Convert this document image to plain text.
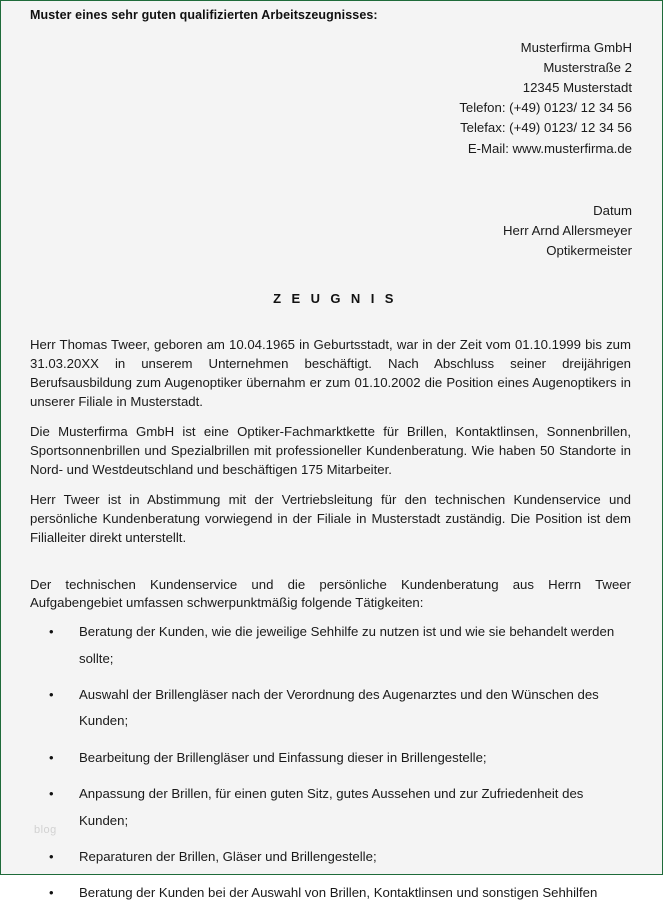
Muster eines sehr guten qualifizierten Arbeitszeugnisses:
Musterfirma GmbH
Musterstraße 2
12345 Musterstadt
Telefon: (+49) 0123/ 12 34 56
Telefax: (+49) 0123/ 12 34 56
E-Mail: www.musterfirma.de
Datum
Herr Arnd Allersmeyer
Optikermeister
Z E U G N I S

Herr Thomas Tweer, geboren am 10.04.1965 in Geburtsstadt, war in der Zeit vom 01.10.1999 bis zum 31.03.20XX in unserem Unternehmen beschäftigt. Nach Abschluss seiner dreijährigen Berufsausbildung zum Augenoptiker übernahm er zum 01.10.2002 die Position eines Augenoptikers in unserer Filiale in Musterstadt.

Die Musterfirma GmbH ist eine Optiker-Fachmarktkette für Brillen, Kontaktlinsen, Sonnenbrillen, Sportsonnenbrillen und Spezialbrillen mit professioneller Kundenberatung. Wie haben 50 Standorte in Nord- und Westdeutschland und beschäftigen 175 Mitarbeiter.

Herr Tweer ist in Abstimmung mit der Vertriebsleitung für den technischen Kundenservice und persönliche Kundenberatung vorwiegend in der Filiale in Musterstadt zuständig. Die Position ist dem Filialleiter direkt unterstellt.

Der technischen Kundenservice und die persönliche Kundenberatung aus Herrn Tweer Aufgabengebiet umfassen schwerpunktmäßig folgende Tätigkeiten:

• Beratung der Kunden, wie die jeweilige Sehhilfe zu nutzen ist und wie sie behandelt werden sollte;
• Auswahl der Brillengläser nach der Verordnung des Augenarztes und den Wünschen des Kunden;
• Bearbeitung der Brillengläser und Einfassung dieser in Brillengestelle;
• Anpassung der Brillen, für einen guten Sitz, gutes Aussehen und zur Zufriedenheit des Kunden;
• Reparaturen der Brillen, Gläser und Brillengestelle;
• Beratung der Kunden bei der Auswahl von Brillen, Kontaktlinsen und sonstigen Sehhilfen
blog
